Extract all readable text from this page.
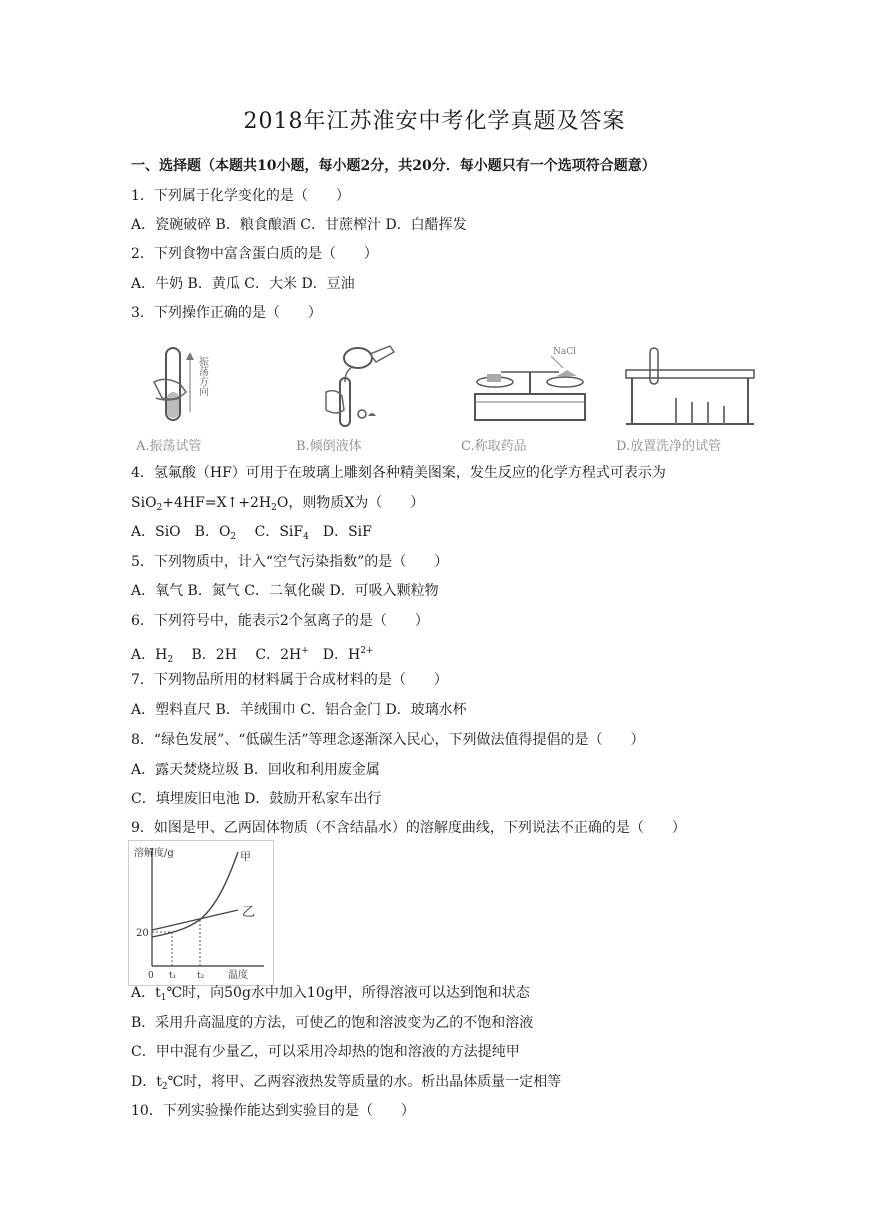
2018年江苏淮安中考化学真题及答案
一、选择题（本题共10小题，每小题2分，共20分．每小题只有一个选项符合题意）
1．下列属于化学变化的是（　　）
A．瓷碗破碎 B．粮食酿酒 C．甘蔗榨汁 D．白醋挥发
2．下列食物中富含蛋白质的是（　　）
A．牛奶 B．黄瓜 C．大米 D．豆油
3．下列操作正确的是（　　）
振荡方向
A.振荡试管	B.倾倒液体
NaCl
C.称取药品	D.放置洗净的试管
4．氢氟酸（HF）可用于在玻璃上雕刻各种精美图案，发生反应的化学方程式可表示为
$SiO_2+4HF=X↑+2H_2O$，则物质X为（　　）
A．SiO　B．$O_2$　 C．SiF$_4$　D．SiF
5．下列物质中，计入“空气污染指数”的是（　　）
A．氧气 B．氮气 C．二氧化碳 D．可吸入颗粒物
6．下列符号中，能表示2个氢离子的是（　　）
A．$H_2$　 B．2H　 C．2H+　D．$H^{2+}$
7．下列物品所用的材料属于合成材料的是（　　）
A．塑料直尺 B．羊绒围巾 C．铝合金门 D．玻璃水杯
8．“绿色发展”、“低碳生活”等理念逐渐深入民心，下列做法值得提倡的是（　　）
A．露天焚烧垃圾 B．回收和利用废金属
C．填埋废旧电池 D．鼓励开私家车出行
9．如图是甲、乙两固体物质（不含结晶水）的溶解度曲线，下列说法不正确的是（　　）
溶解度/g
20
0 t₁ t₂ 温度
甲
乙
A．$t_1℃$时，向50g水中加入10g甲，所得溶液可以达到饱和状态
B．采用升高温度的方法，可使乙的饱和溶波变为乙的不饱和溶液
C．甲中混有少量乙，可以采用冷却热的饱和溶液的方法提纯甲
D．$t_2℃$时，将甲、乙两容液热发等质量的水。析出晶体质量一定相等
10．下列实验操作能达到实验目的是（　　）
